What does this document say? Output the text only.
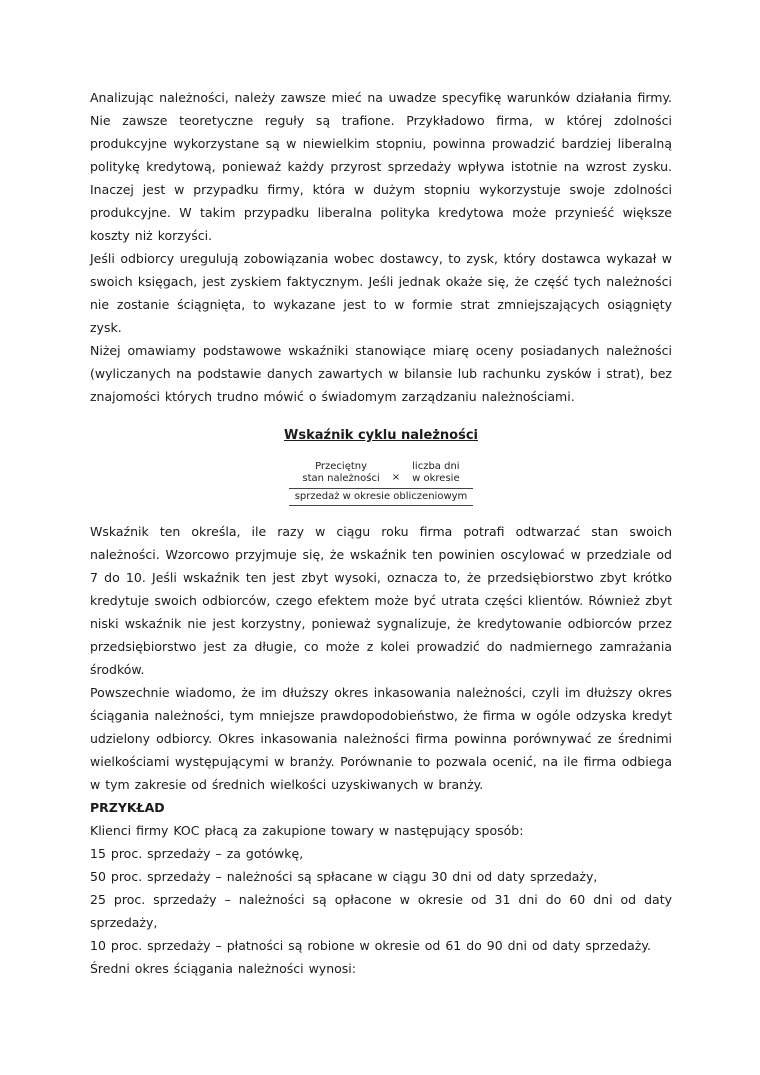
Analizując należności, należy zawsze mieć na uwadze specyfikę warunków działania firmy. Nie zawsze teoretyczne reguły są trafione. Przykładowo firma, w której zdolności produkcyjne wykorzystane są w niewielkim stopniu, powinna prowadzić bardziej liberalną politykę kredytową, ponieważ każdy przyrost sprzedaży wpływa istotnie na wzrost zysku. Inaczej jest w przypadku firmy, która w dużym stopniu wykorzystuje swoje zdolności produkcyjne. W takim przypadku liberalna polityka kredytowa może przynieść większe koszty niż korzyści.

Jeśli odbiorcy uregulują zobowiązania wobec dostawcy, to zysk, który dostawca wykazał w swoich księgach, jest zyskiem faktycznym. Jeśli jednak okaże się, że część tych należności nie zostanie ściągnięta, to wykazane jest to w formie strat zmniejszających osiągnięty zysk.

Niżej omawiamy podstawowe wskaźniki stanowiące miarę oceny posiadanych należności (wyliczanych na podstawie danych zawartych w bilansie lub rachunku zysków i strat), bez znajomości których trudno mówić o świadomym zarządzaniu należnościami.

Wskaźnik cyklu należności
Przeciętny
stan należności ×
liczba dni
w okresie
sprzedaż w okresie obliczeniowym

Wskaźnik ten określa, ile razy w ciągu roku firma potrafi odtwarzać stan swoich należności. Wzorcowo przyjmuje się, że wskaźnik ten powinien oscylować w przedziale od 7 do 10. Jeśli wskaźnik ten jest zbyt wysoki, oznacza to, że przedsiębiorstwo zbyt krótko kredytuje swoich odbiorców, czego efektem może być utrata części klientów. Również zbyt niski wskaźnik nie jest korzystny, ponieważ sygnalizuje, że kredytowanie odbiorców przez przedsiębiorstwo jest za długie, co może z kolei prowadzić do nadmiernego zamrażania środków.

Powszechnie wiadomo, że im dłuższy okres inkasowania należności, czyli im dłuższy okres ściągania należności, tym mniejsze prawdopodobieństwo, że firma w ogóle odzyska kredyt udzielony odbiorcy. Okres inkasowania należności firma powinna porównywać ze średnimi wielkościami występującymi w branży. Porównanie to pozwala ocenić, na ile firma odbiega w tym zakresie od średnich wielkości uzyskiwanych w branży.

PRZYKŁAD

Klienci firmy KOC płacą za zakupione towary w następujący sposób:

15 proc. sprzedaży – za gotówkę,

50 proc. sprzedaży – należności są spłacane w ciągu 30 dni od daty sprzedaży,

25 proc. sprzedaży – należności są opłacone w okresie od 31 dni do 60 dni od daty sprzedaży,

10 proc. sprzedaży – płatności są robione w okresie od 61 do 90 dni od daty sprzedaży.

Średni okres ściągania należności wynosi:
